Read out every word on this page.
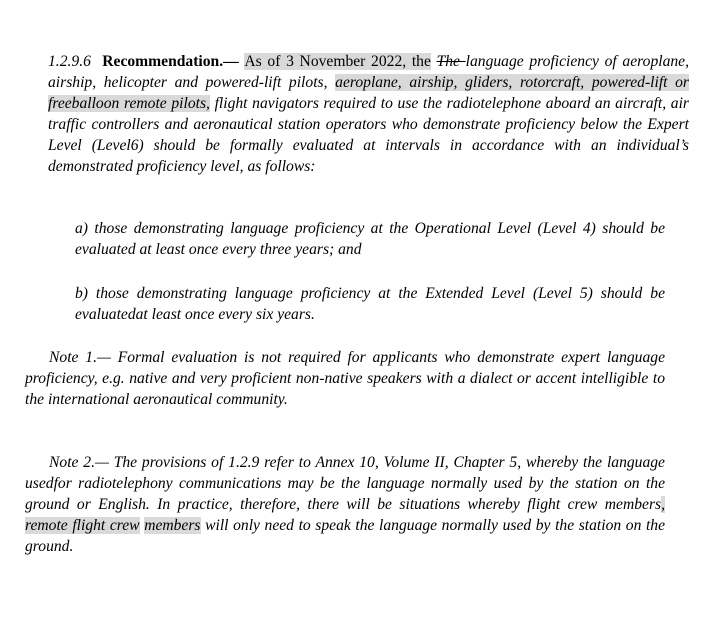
1.2.9.6 Recommendation.— As of 3 November 2022, the The language proficiency of aeroplane, airship, helicopter and powered-lift pilots, aeroplane, airship, gliders, rotorcraft, powered-lift or freeballoon remote pilots, flight navigators required to use the radiotelephone aboard an aircraft, air traffic controllers and aeronautical station operators who demonstrate proficiency below the Expert Level (Level6) should be formally evaluated at intervals in accordance with an individual’s demonstrated proficiency level, as follows:
a) those demonstrating language proficiency at the Operational Level (Level 4) should be evaluated at least once every three years; and
b) those demonstrating language proficiency at the Extended Level (Level 5) should be evaluatedat least once every six years.
Note 1.— Formal evaluation is not required for applicants who demonstrate expert language proficiency, e.g. native and very proficient non-native speakers with a dialect or accent intelligible to the international aeronautical community.
Note 2.— The provisions of 1.2.9 refer to Annex 10, Volume II, Chapter 5, whereby the language usedfor radiotelephony communications may be the language normally used by the station on the ground or English. In practice, therefore, there will be situations whereby flight crew members, remote flight crew members will only need to speak the language normally used by the station on the ground.
